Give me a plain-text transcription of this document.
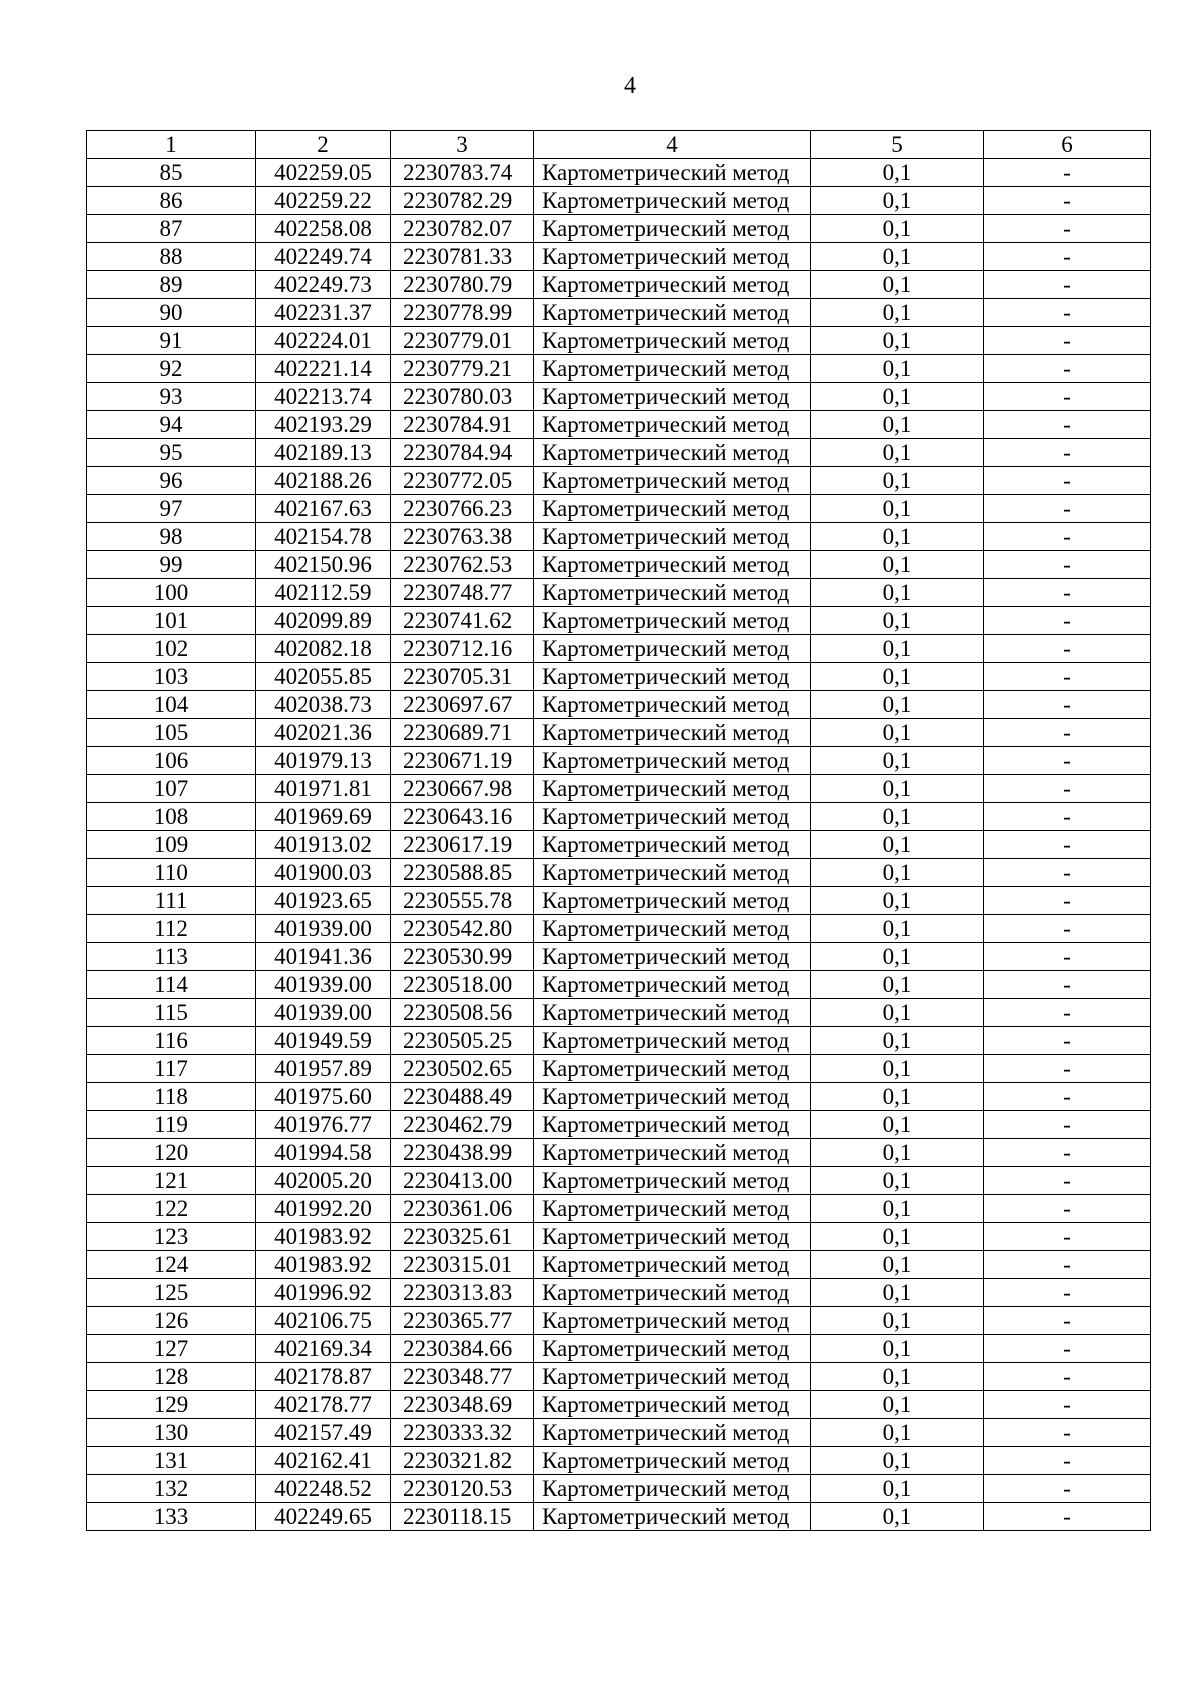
4
1	2	3	4	5	6
85	402259.05	2230783.74	Картометрический метод	0,1	-
86	402259.22	2230782.29	Картометрический метод	0,1	-
87	402258.08	2230782.07	Картометрический метод	0,1	-
88	402249.74	2230781.33	Картометрический метод	0,1	-
89	402249.73	2230780.79	Картометрический метод	0,1	-
90	402231.37	2230778.99	Картометрический метод	0,1	-
91	402224.01	2230779.01	Картометрический метод	0,1	-
92	402221.14	2230779.21	Картометрический метод	0,1	-
93	402213.74	2230780.03	Картометрический метод	0,1	-
94	402193.29	2230784.91	Картометрический метод	0,1	-
95	402189.13	2230784.94	Картометрический метод	0,1	-
96	402188.26	2230772.05	Картометрический метод	0,1	-
97	402167.63	2230766.23	Картометрический метод	0,1	-
98	402154.78	2230763.38	Картометрический метод	0,1	-
99	402150.96	2230762.53	Картометрический метод	0,1	-
100	402112.59	2230748.77	Картометрический метод	0,1	-
101	402099.89	2230741.62	Картометрический метод	0,1	-
102	402082.18	2230712.16	Картометрический метод	0,1	-
103	402055.85	2230705.31	Картометрический метод	0,1	-
104	402038.73	2230697.67	Картометрический метод	0,1	-
105	402021.36	2230689.71	Картометрический метод	0,1	-
106	401979.13	2230671.19	Картометрический метод	0,1	-
107	401971.81	2230667.98	Картометрический метод	0,1	-
108	401969.69	2230643.16	Картометрический метод	0,1	-
109	401913.02	2230617.19	Картометрический метод	0,1	-
110	401900.03	2230588.85	Картометрический метод	0,1	-
111	401923.65	2230555.78	Картометрический метод	0,1	-
112	401939.00	2230542.80	Картометрический метод	0,1	-
113	401941.36	2230530.99	Картометрический метод	0,1	-
114	401939.00	2230518.00	Картометрический метод	0,1	-
115	401939.00	2230508.56	Картометрический метод	0,1	-
116	401949.59	2230505.25	Картометрический метод	0,1	-
117	401957.89	2230502.65	Картометрический метод	0,1	-
118	401975.60	2230488.49	Картометрический метод	0,1	-
119	401976.77	2230462.79	Картометрический метод	0,1	-
120	401994.58	2230438.99	Картометрический метод	0,1	-
121	402005.20	2230413.00	Картометрический метод	0,1	-
122	401992.20	2230361.06	Картометрический метод	0,1	-
123	401983.92	2230325.61	Картометрический метод	0,1	-
124	401983.92	2230315.01	Картометрический метод	0,1	-
125	401996.92	2230313.83	Картометрический метод	0,1	-
126	402106.75	2230365.77	Картометрический метод	0,1	-
127	402169.34	2230384.66	Картометрический метод	0,1	-
128	402178.87	2230348.77	Картометрический метод	0,1	-
129	402178.77	2230348.69	Картометрический метод	0,1	-
130	402157.49	2230333.32	Картометрический метод	0,1	-
131	402162.41	2230321.82	Картометрический метод	0,1	-
132	402248.52	2230120.53	Картометрический метод	0,1	-
133	402249.65	2230118.15	Картометрический метод	0,1	-
